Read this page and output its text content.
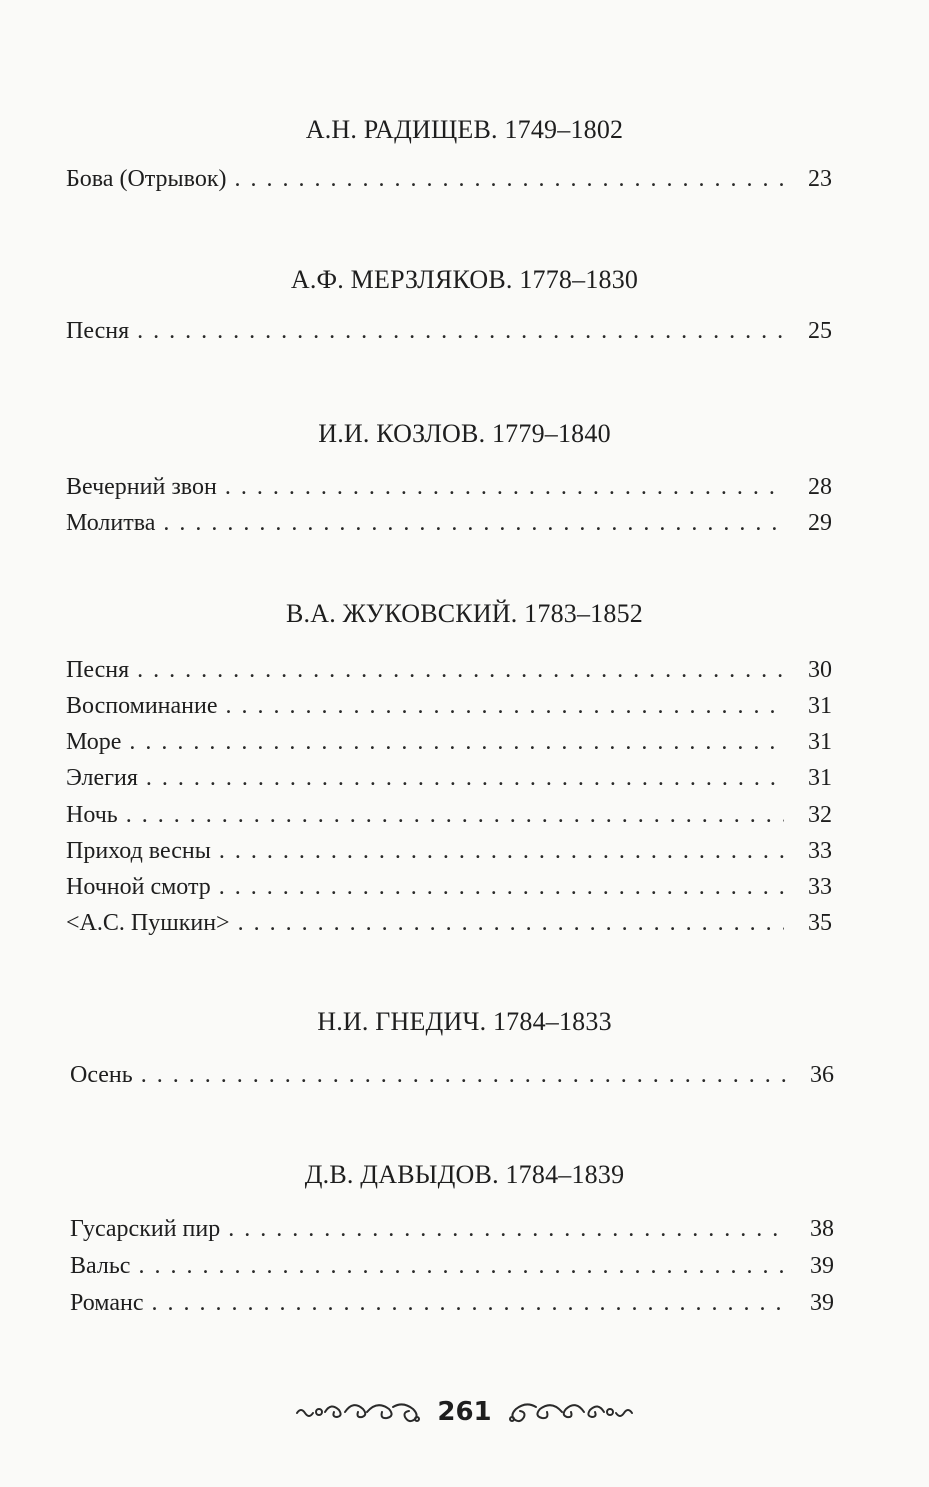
А.Н. РАДИЩЕВ. 1749–1802
Бова (Отрывок) . . .	23
А.Ф. МЕРЗЛЯКОВ. 1778–1830
Песня . . .	25
И.И. КОЗЛОВ. 1779–1840
Вечерний звон . . .	28
Молитва . . .	29
В.А. ЖУКОВСКИЙ. 1783–1852
Песня . . .	30
Воспоминание . . .	31
Море . . .	31
Элегия . . .	31
Ночь . . .	32
Приход весны . . .	33
Ночной смотр . . .	33
<А.С. Пушкин> . . .	35
Н.И. ГНЕДИЧ. 1784–1833
Осень . . .	36
Д.В. ДАВЫДОВ. 1784–1839
Гусарский пир . . .	38
Вальс . . .	39
Романс . . .	39
261
